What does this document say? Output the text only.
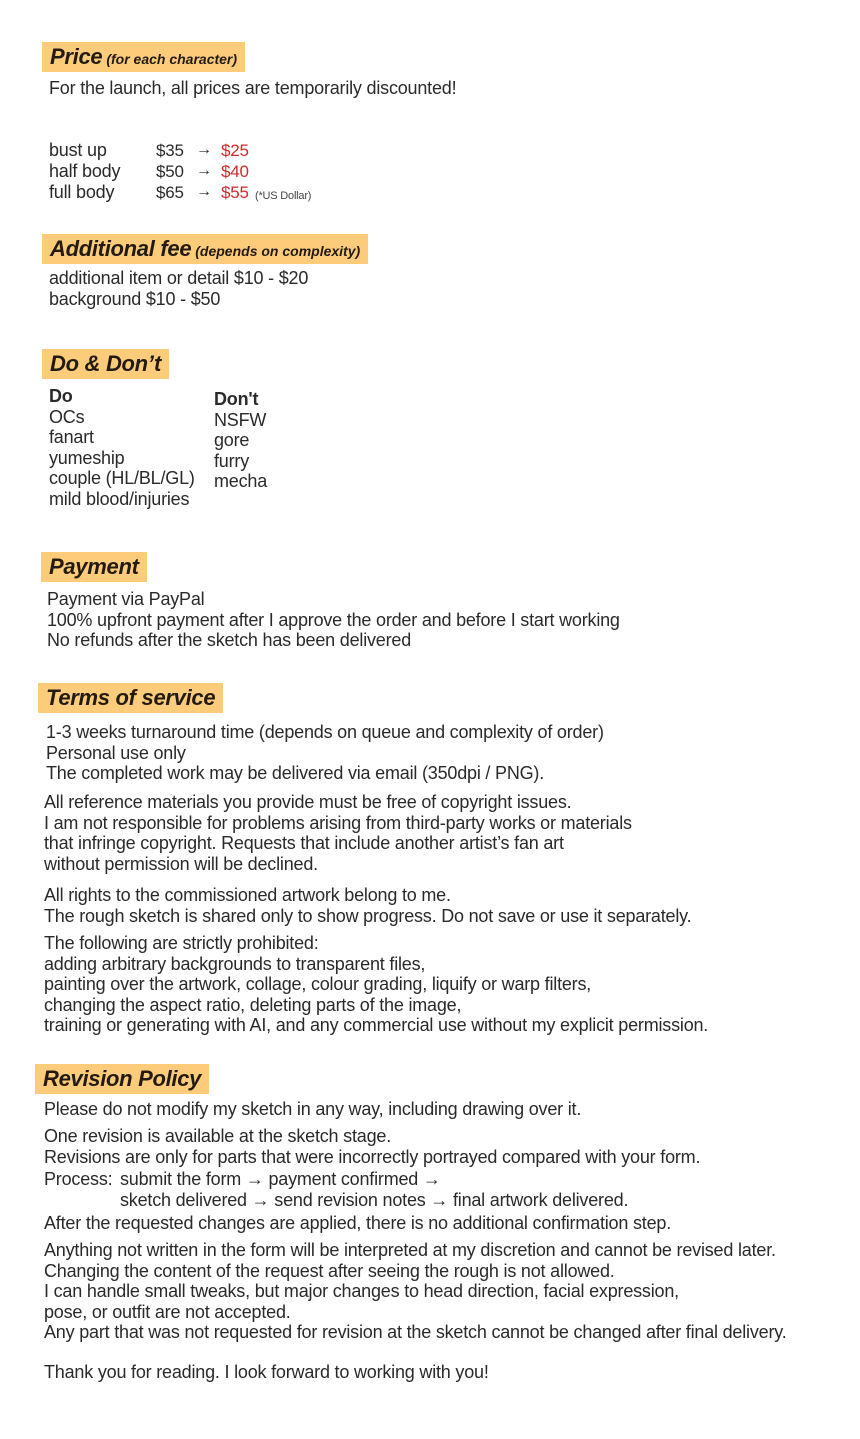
Price (for each character)
For the launch, all prices are temporarily discounted!
bust up	$35 → $25
half body $50 → $40
full body $65 → $55 (*US Dollar)
Additional fee (depends on complexity)
additional item or detail $10 - $20
background $10 - $50
Do & Don’t
Do
OCs
fanart
yumeship
couple (HL/BL/GL)
mild blood/injuries
Don't
NSFW
gore
furry
mecha
Payment
Payment via PayPal
100% upfront payment after I approve the order and before I start working
No refunds after the sketch has been delivered
Terms of service
1-3 weeks turnaround time (depends on queue and complexity of order)
Personal use only
The completed work may be delivered via email (350dpi / PNG).
All reference materials you provide must be free of copyright issues.
I am not responsible for problems arising from third-party works or materials
that infringe copyright. Requests that include another artist’s fan art
without permission will be declined.
All rights to the commissioned artwork belong to me.
The rough sketch is shared only to show progress. Do not save or use it separately.
The following are strictly prohibited:
adding arbitrary backgrounds to transparent files,
painting over the artwork, collage, colour grading, liquify or warp filters,
changing the aspect ratio, deleting parts of the image,
training or generating with AI, and any commercial use without my explicit permission.
Revision Policy
Please do not modify my sketch in any way, including drawing over it.
One revision is available at the sketch stage.
Revisions are only for parts that were incorrectly portrayed compared with your form.
Process: submit the form → payment confirmed →
sketch delivered → send revision notes → final artwork delivered.
After the requested changes are applied, there is no additional confirmation step.
Anything not written in the form will be interpreted at my discretion and cannot be revised later.
Changing the content of the request after seeing the rough is not allowed.
I can handle small tweaks, but major changes to head direction, facial expression,
pose, or outfit are not accepted.
Any part that was not requested for revision at the sketch cannot be changed after final delivery.
Thank you for reading. I look forward to working with you!
